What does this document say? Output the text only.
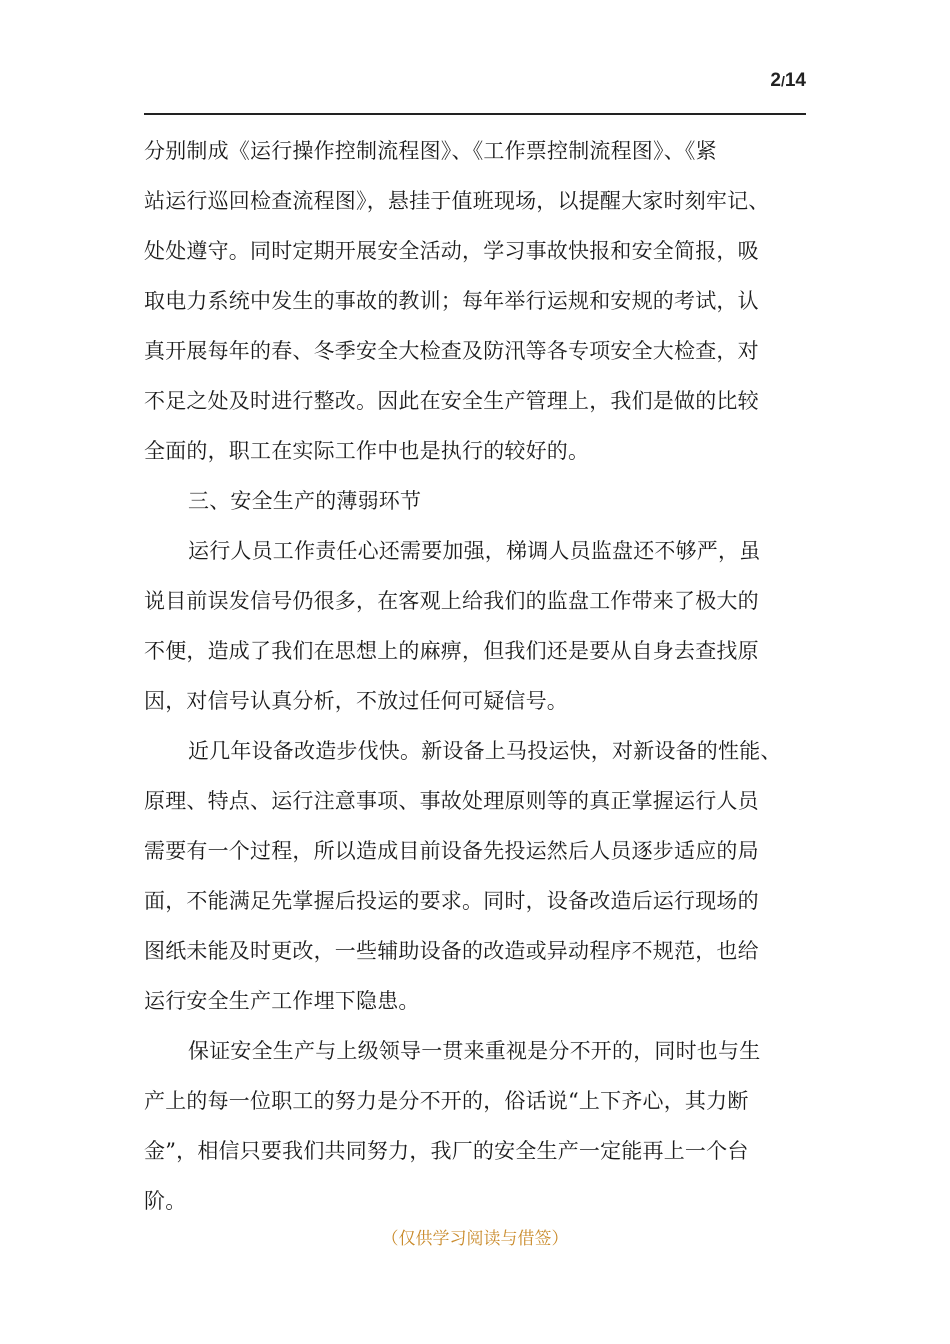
2/14
分别制成《运行操作控制流程图》、《工作票控制流程图》、《紧
站运行巡回检查流程图》，悬挂于值班现场，以提醒大家时刻牢记、
处处遵守。同时定期开展安全活动，学习事故快报和安全简报，吸
取电力系统中发生的事故的教训；每年举行运规和安规的考试，认
真开展每年的春、冬季安全大检查及防汛等各专项安全大检查，对
不足之处及时进行整改。因此在安全生产管理上，我们是做的比较
全面的，职工在实际工作中也是执行的较好的。
三、安全生产的薄弱环节
运行人员工作责任心还需要加强，梯调人员监盘还不够严，虽
说目前误发信号仍很多，在客观上给我们的监盘工作带来了极大的
不便，造成了我们在思想上的麻痹，但我们还是要从自身去查找原
因，对信号认真分析，不放过任何可疑信号。
近几年设备改造步伐快。新设备上马投运快，对新设备的性能、
原理、特点、运行注意事项、事故处理原则等的真正掌握运行人员
需要有一个过程，所以造成目前设备先投运然后人员逐步适应的局
面，不能满足先掌握后投运的要求。同时，设备改造后运行现场的
图纸未能及时更改，一些辅助设备的改造或异动程序不规范，也给
运行安全生产工作埋下隐患。
保证安全生产与上级领导一贯来重视是分不开的，同时也与生
产上的每一位职工的努力是分不开的，俗话说“上下齐心，其力断
金”，相信只要我们共同努力，我厂的安全生产一定能再上一个台
阶。
（仅供学习阅读与借签）
